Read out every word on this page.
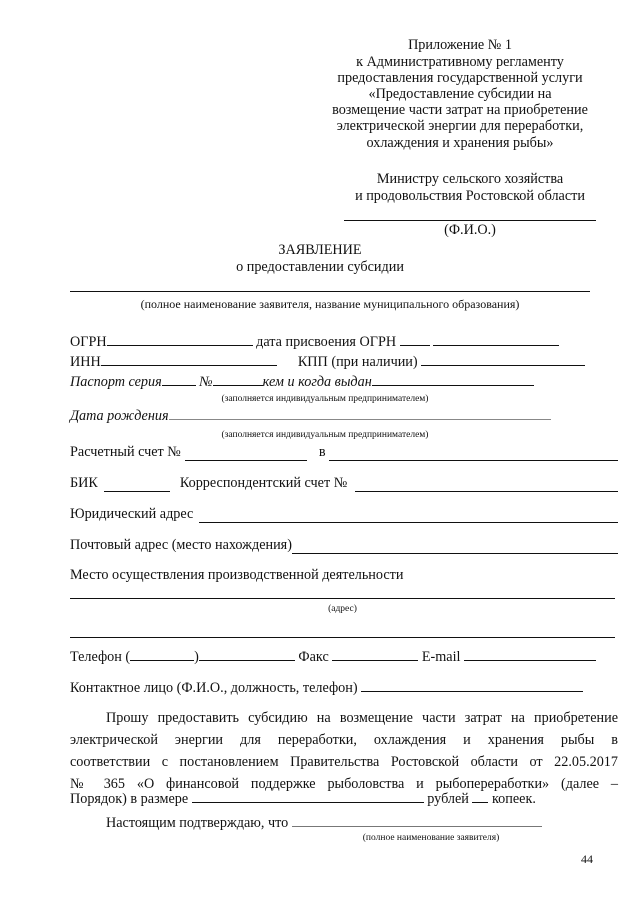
Приложение № 1
к Административному регламенту
предоставления государственной услуги
«Предоставление субсидии на
возмещение части затрат на приобретение
электрической энергии для переработки,
охлаждения и хранения рыбы»
Министру сельского хозяйства
и продовольствия Ростовской области
(Ф.И.О.)
ЗАЯВЛЕНИЕ
о предоставлении субсидии
(полное наименование заявителя, название муниципального образования)
ОГРН	дата присвоения ОГРН
ИНН	КПП (при наличии)
Паспорт серия	№	кем и когда выдан
(заполняется индивидуальным предпринимателем)
Дата рождения
(заполняется индивидуальным предпринимателем)
Расчетный счет №	в
БИК	Корреспондентский счет №
Юридический адрес
Почтовый адрес (место нахождения)
Место осуществления производственной деятельности
(адрес)
Телефон (	)	Факс	E-mail
Контактное лицо (Ф.И.О., должность, телефон)
Прошу предоставить субсидию на возмещение части затрат на приобретение
электрической энергии для переработки, охлаждения и хранения рыбы в
соответствии с постановлением Правительства Ростовской области от 22.05.2017
№ 365 «О финансовой поддержке рыболовства и рыбопереработки» (далее –
Порядок) в размере	рублей копеек.
Настоящим подтверждаю, что
(полное наименование заявителя)
44
